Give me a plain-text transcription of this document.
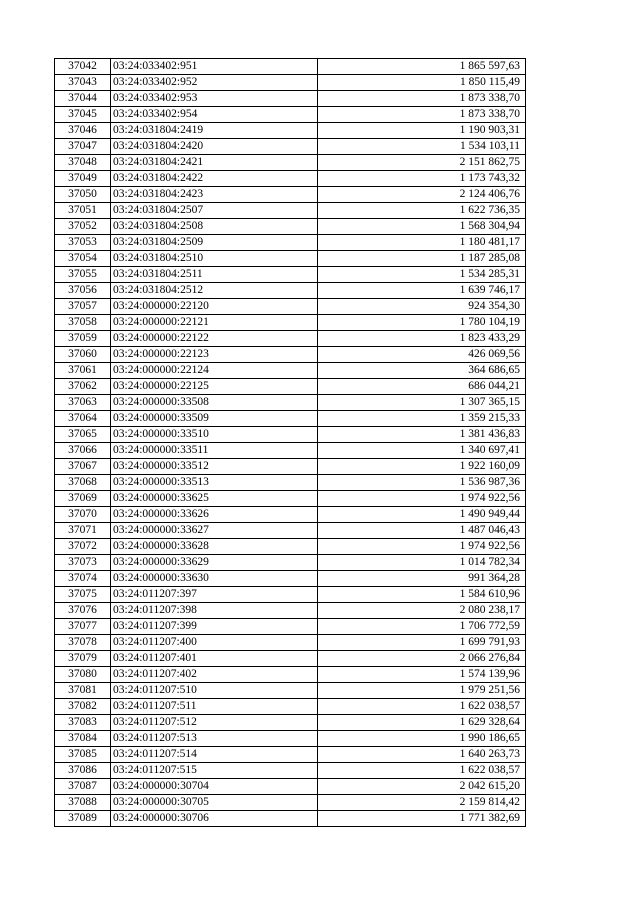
37042	03:24:033402:951	1 865 597,63
37043	03:24:033402:952	1 850 115,49
37044	03:24:033402:953	1 873 338,70
37045	03:24:033402:954	1 873 338,70
37046	03:24:031804:2419	1 190 903,31
37047	03:24:031804:2420	1 534 103,11
37048	03:24:031804:2421	2 151 862,75
37049	03:24:031804:2422	1 173 743,32
37050	03:24:031804:2423	2 124 406,76
37051	03:24:031804:2507	1 622 736,35
37052	03:24:031804:2508	1 568 304,94
37053	03:24:031804:2509	1 180 481,17
37054	03:24:031804:2510	1 187 285,08
37055	03:24:031804:2511	1 534 285,31
37056	03:24:031804:2512	1 639 746,17
37057	03:24:000000:22120	924 354,30
37058	03:24:000000:22121	1 780 104,19
37059	03:24:000000:22122	1 823 433,29
37060	03:24:000000:22123	426 069,56
37061	03:24:000000:22124	364 686,65
37062	03:24:000000:22125	686 044,21
37063	03:24:000000:33508	1 307 365,15
37064	03:24:000000:33509	1 359 215,33
37065	03:24:000000:33510	1 381 436,83
37066	03:24:000000:33511	1 340 697,41
37067	03:24:000000:33512	1 922 160,09
37068	03:24:000000:33513	1 536 987,36
37069	03:24:000000:33625	1 974 922,56
37070	03:24:000000:33626	1 490 949,44
37071	03:24:000000:33627	1 487 046,43
37072	03:24:000000:33628	1 974 922,56
37073	03:24:000000:33629	1 014 782,34
37074	03:24:000000:33630	991 364,28
37075	03:24:011207:397	1 584 610,96
37076	03:24:011207:398	2 080 238,17
37077	03:24:011207:399	1 706 772,59
37078	03:24:011207:400	1 699 791,93
37079	03:24:011207:401	2 066 276,84
37080	03:24:011207:402	1 574 139,96
37081	03:24:011207:510	1 979 251,56
37082	03:24:011207:511	1 622 038,57
37083	03:24:011207:512	1 629 328,64
37084	03:24:011207:513	1 990 186,65
37085	03:24:011207:514	1 640 263,73
37086	03:24:011207:515	1 622 038,57
37087	03:24:000000:30704	2 042 615,20
37088	03:24:000000:30705	2 159 814,42
37089	03:24:000000:30706	1 771 382,69
